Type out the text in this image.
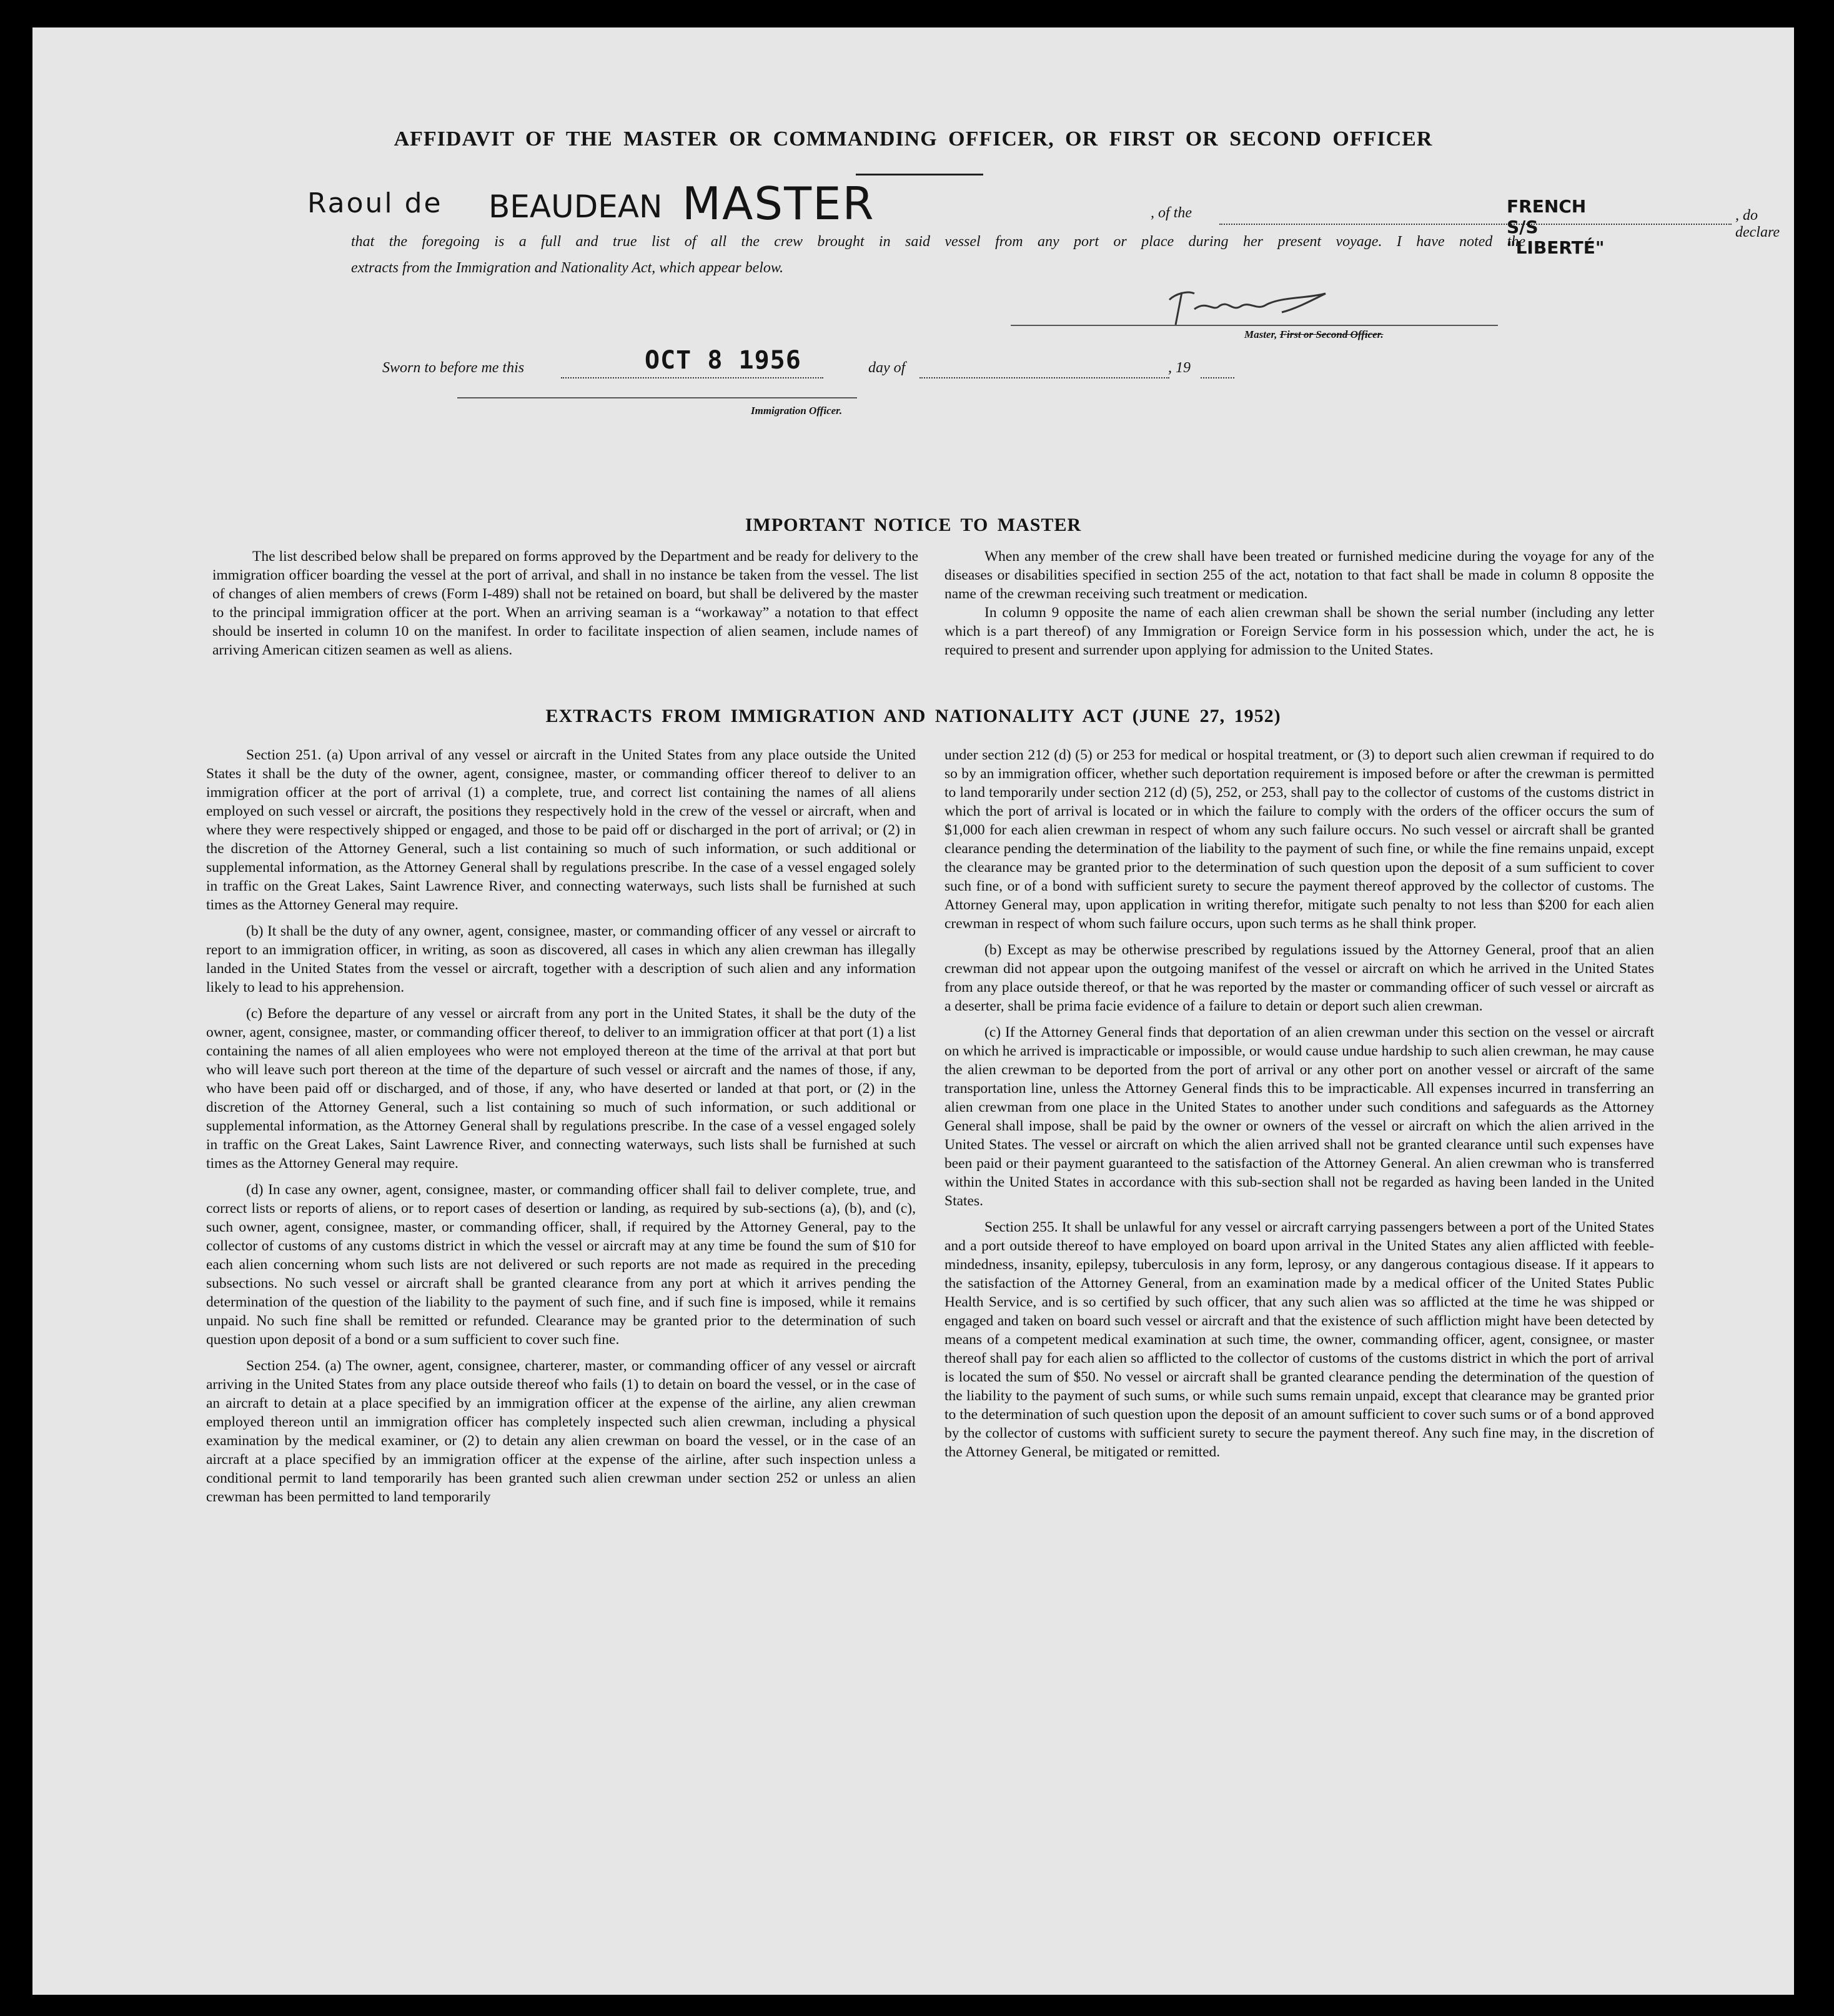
AFFIDAVIT OF THE MASTER OR COMMANDING OFFICER, OR FIRST OR SECOND OFFICER
Raoul de BEAUDEAN MASTER	, of the	FRENCH S/S "LIBERTÉ"
, do declare
that the foregoing is a full and true list of all the crew brought in said vessel from any port or place during her present voyage. I have noted the
extracts from the Immigration and Nationality Act, which appear below.
Master, First or Second Officer.
Sworn to before me this	OCT 8 1956	day of	, 19
Immigration Officer.
IMPORTANT NOTICE TO MASTER

The list described below shall be prepared on forms approved by the Department and be ready for delivery to the immigration officer boarding the vessel at the port of arrival, and shall in no instance be taken from the vessel. The list of changes of alien members of crews (Form I-489) shall not be retained on board, but shall be delivered by the master to the principal immigration officer at the port. When an arriving seaman is a “workaway” a notation to that effect should be inserted in column 10 on the manifest. In order to facilitate inspection of alien seamen, include names of arriving American citizen seamen as well as aliens.

When any member of the crew shall have been treated or furnished medicine during the voyage for any of the diseases or disabilities specified in section 255 of the act, notation to that fact shall be made in column 8 opposite the name of the crewman receiving such treatment or medication.

In column 9 opposite the name of each alien crewman shall be shown the serial number (including any letter which is a part thereof) of any Immigration or Foreign Service form in his possession which, under the act, he is required to present and surrender upon applying for admission to the United States.

EXTRACTS FROM IMMIGRATION AND NATIONALITY ACT (JUNE 27, 1952)

Section 251. (a) Upon arrival of any vessel or aircraft in the United States from any place outside the United States it shall be the duty of the owner, agent, consignee, master, or commanding officer thereof to deliver to an immigration officer at the port of arrival (1) a complete, true, and correct list containing the names of all aliens employed on such vessel or aircraft, the positions they respectively hold in the crew of the vessel or aircraft, when and where they were respectively shipped or engaged, and those to be paid off or discharged in the port of arrival; or (2) in the discretion of the Attorney General, such a list containing so much of such information, or such additional or supplemental information, as the Attorney General shall by regulations prescribe. In the case of a vessel engaged solely in traffic on the Great Lakes, Saint Lawrence River, and connecting waterways, such lists shall be furnished at such times as the Attorney General may require.

(b) It shall be the duty of any owner, agent, consignee, master, or commanding officer of any vessel or aircraft to report to an immigration officer, in writing, as soon as discovered, all cases in which any alien crewman has illegally landed in the United States from the vessel or aircraft, together with a description of such alien and any information likely to lead to his apprehension.

(c) Before the departure of any vessel or aircraft from any port in the United States, it shall be the duty of the owner, agent, consignee, master, or commanding officer thereof, to deliver to an immigration officer at that port (1) a list containing the names of all alien employees who were not employed thereon at the time of the arrival at that port but who will leave such port thereon at the time of the departure of such vessel or aircraft and the names of those, if any, who have been paid off or discharged, and of those, if any, who have deserted or landed at that port, or (2) in the discretion of the Attorney General, such a list containing so much of such information, or such additional or supplemental information, as the Attorney General shall by regulations prescribe. In the case of a vessel engaged solely in traffic on the Great Lakes, Saint Lawrence River, and connecting waterways, such lists shall be furnished at such times as the Attorney General may require.

(d) In case any owner, agent, consignee, master, or commanding officer shall fail to deliver complete, true, and correct lists or reports of aliens, or to report cases of desertion or landing, as required by sub-sections (a), (b), and (c), such owner, agent, consignee, master, or commanding officer, shall, if required by the Attorney General, pay to the collector of customs of any customs district in which the vessel or aircraft may at any time be found the sum of $10 for each alien concerning whom such lists are not delivered or such reports are not made as required in the preceding subsections. No such vessel or aircraft shall be granted clearance from any port at which it arrives pending the determination of the question of the liability to the payment of such fine, and if such fine is imposed, while it remains unpaid. No such fine shall be remitted or refunded. Clearance may be granted prior to the determination of such question upon deposit of a bond or a sum sufficient to cover such fine.

Section 254. (a) The owner, agent, consignee, charterer, master, or commanding officer of any vessel or aircraft arriving in the United States from any place outside thereof who fails (1) to detain on board the vessel, or in the case of an aircraft to detain at a place specified by an immigration officer at the expense of the airline, any alien crewman employed thereon until an immigration officer has completely inspected such alien crewman, including a physical examination by the medical examiner, or (2) to detain any alien crewman on board the vessel, or in the case of an aircraft at a place specified by an immigration officer at the expense of the airline, after such inspection unless a conditional permit to land temporarily has been granted such alien crewman under section 252 or unless an alien crewman has been permitted to land temporarily

under section 212 (d) (5) or 253 for medical or hospital treatment, or (3) to deport such alien crewman if required to do so by an immigration officer, whether such deportation requirement is imposed before or after the crewman is permitted to land temporarily under section 212 (d) (5), 252, or 253, shall pay to the collector of customs of the customs district in which the port of arrival is located or in which the failure to comply with the orders of the officer occurs the sum of $1,000 for each alien crewman in respect of whom any such failure occurs. No such vessel or aircraft shall be granted clearance pending the determination of the liability to the payment of such fine, or while the fine remains unpaid, except the clearance may be granted prior to the determination of such question upon the deposit of a sum sufficient to cover such fine, or of a bond with sufficient surety to secure the payment thereof approved by the collector of customs. The Attorney General may, upon application in writing therefor, mitigate such penalty to not less than $200 for each alien crewman in respect of whom such failure occurs, upon such terms as he shall think proper.

(b) Except as may be otherwise prescribed by regulations issued by the Attorney General, proof that an alien crewman did not appear upon the outgoing manifest of the vessel or aircraft on which he arrived in the United States from any place outside thereof, or that he was reported by the master or commanding officer of such vessel or aircraft as a deserter, shall be prima facie evidence of a failure to detain or deport such alien crewman.

(c) If the Attorney General finds that deportation of an alien crewman under this section on the vessel or aircraft on which he arrived is impracticable or impossible, or would cause undue hardship to such alien crewman, he may cause the alien crewman to be deported from the port of arrival or any other port on another vessel or aircraft of the same transportation line, unless the Attorney General finds this to be impracticable. All expenses incurred in transferring an alien crewman from one place in the United States to another under such conditions and safeguards as the Attorney General shall impose, shall be paid by the owner or owners of the vessel or aircraft on which the alien arrived in the United States. The vessel or aircraft on which the alien arrived shall not be granted clearance until such expenses have been paid or their payment guaranteed to the satisfaction of the Attorney General. An alien crewman who is transferred within the United States in accordance with this sub-section shall not be regarded as having been landed in the United States.

Section 255. It shall be unlawful for any vessel or aircraft carrying passengers between a port of the United States and a port outside thereof to have employed on board upon arrival in the United States any alien afflicted with feeble-mindedness, insanity, epilepsy, tuberculosis in any form, leprosy, or any dangerous contagious disease. If it appears to the satisfaction of the Attorney General, from an examination made by a medical officer of the United States Public Health Service, and is so certified by such officer, that any such alien was so afflicted at the time he was shipped or engaged and taken on board such vessel or aircraft and that the existence of such affliction might have been detected by means of a competent medical examination at such time, the owner, commanding officer, agent, consignee, or master thereof shall pay for each alien so afflicted to the collector of customs of the customs district in which the port of arrival is located the sum of $50. No vessel or aircraft shall be granted clearance pending the determination of the question of the liability to the payment of such sums, or while such sums remain unpaid, except that clearance may be granted prior to the determination of such question upon the deposit of an amount sufficient to cover such sums or of a bond approved by the collector of customs with sufficient surety to secure the payment thereof. Any such fine may, in the discretion of the Attorney General, be mitigated or remitted.
